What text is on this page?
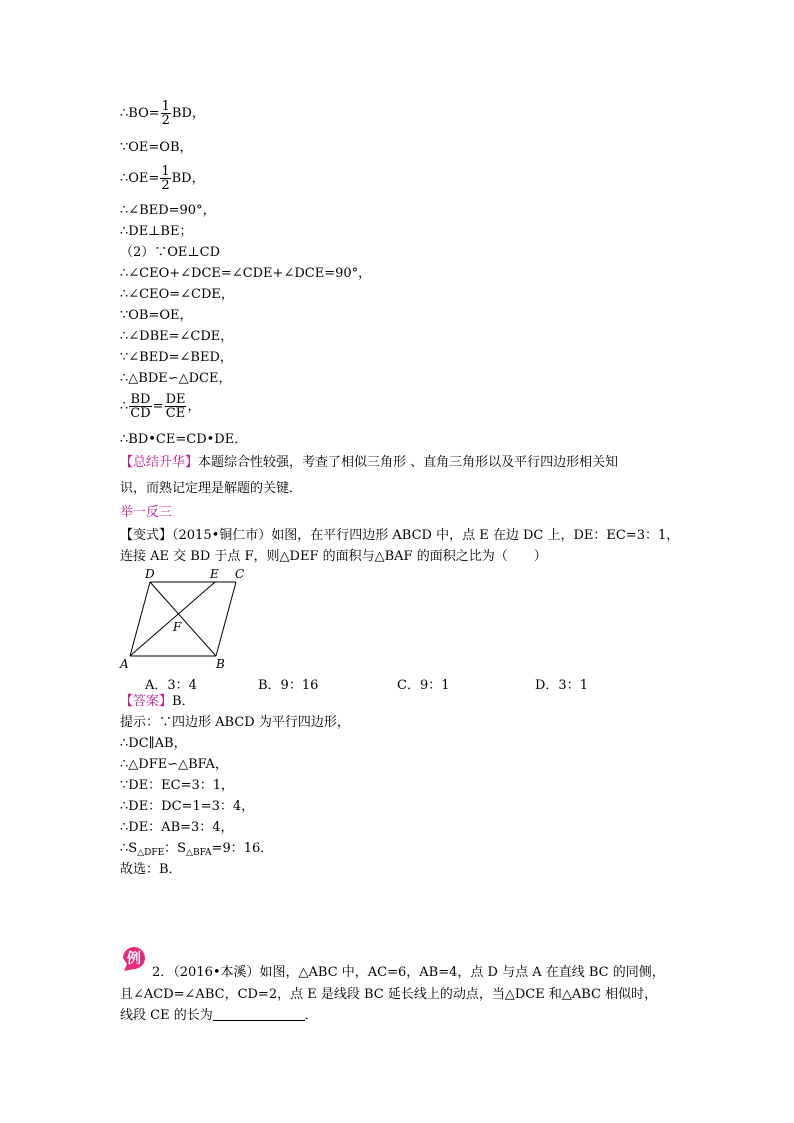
∴BO= $\frac{1}{2}$ BD，
∵OE=OB，
∴OE= $\frac{1}{2}$ BD，
∴∠BED=90°，
∴DE⊥BE；
（2）∵OE⊥CD
∴∠CEO+∠DCE=∠CDE+∠DCE=90°，
∴∠CEO=∠CDE，
∵OB=OE，
∴∠DBE=∠CDE，
∵∠BED=∠BED，
∴△BDE∽△DCE，
∴ $\frac{BD}{CD} = \frac{DE}{CE}$ ，
∴BD•CE=CD•DE．
【总结升华】本题综合性较强，考查了相似三角形 、直角三角形以及平行四边形相关知
识，而熟记定理是解题的关键．
举一反三
【变式】（2015•铜仁市）如图，在平行四边形 ABCD 中，点 E 在边 DC 上，DE：EC=3：1，
连接 AE 交 BD 于点 F，则△DEF 的面积与△BAF 的面积之比为（　　）
A	B
C
D	E
F
A．3：4	B．9：16	C．9：1	D．3：1
【答案】B．
提示：∵四边形 ABCD 为平行四边形，
∴DC∥AB，
∴△DFE∽△BFA，
∵DE：EC=3：1，
∴DE：DC=1=3：4，
∴DE：AB=3：4，
$\therefore S_{\triangle DFE}$：$S_{\triangle BFA}=9$：16．
故选：B．
例
2．（2016•本溪）如图，△ABC 中，AC=6，AB=4，点 D 与点 A 在直线 BC 的同侧，
且∠ACD=∠ABC，CD=2，点 E 是线段 BC 延长线上的动点，当△DCE 和△ABC 相似时，
线段 CE 的长为	．
